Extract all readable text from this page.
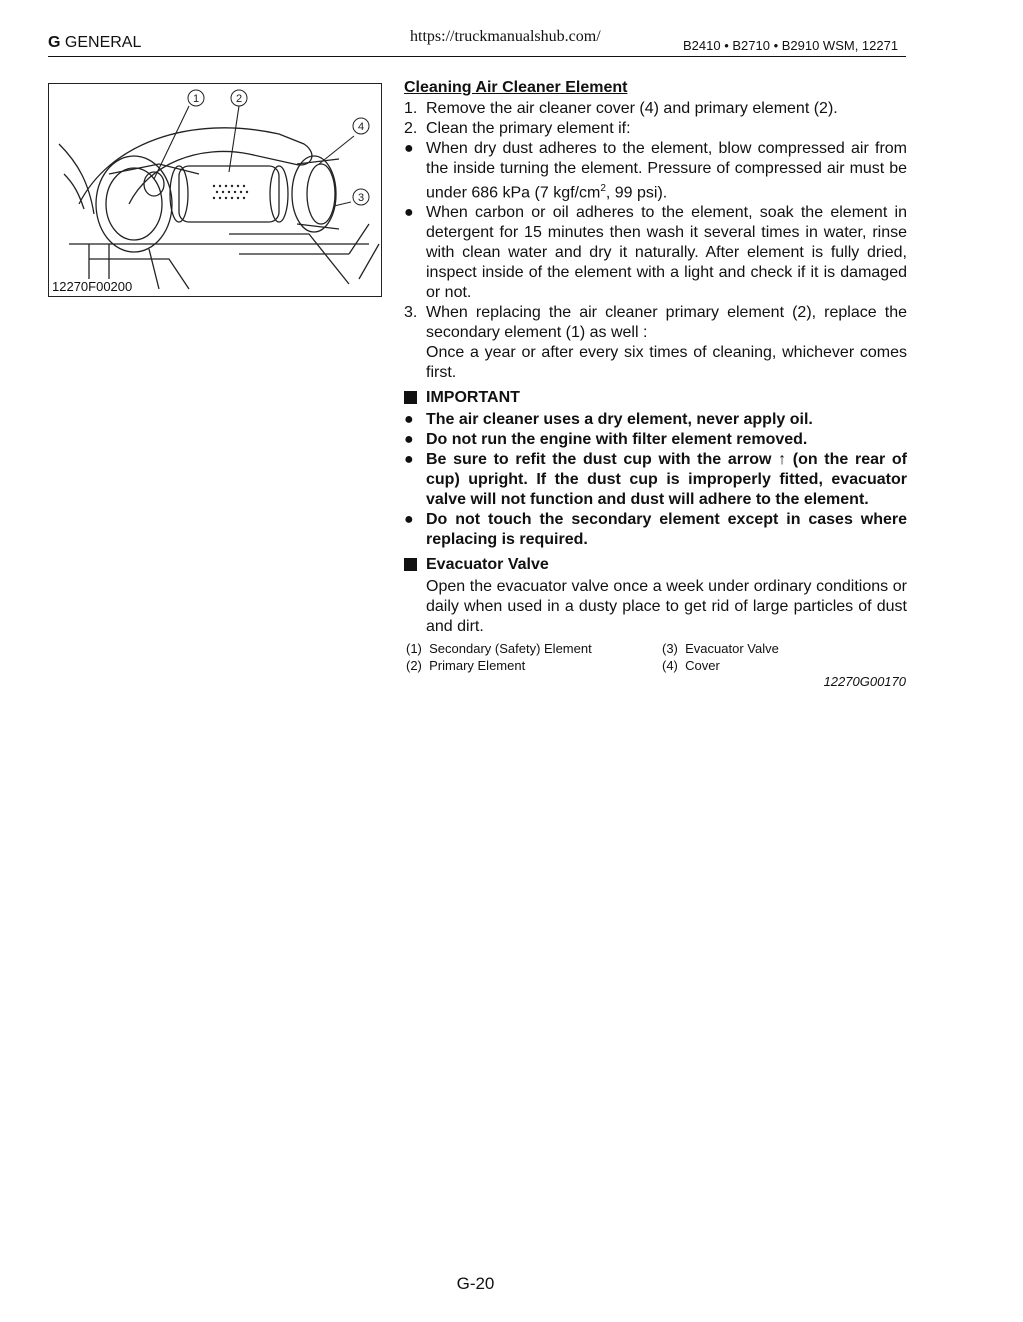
G GENERAL	https://truckmanualshub.com/
B2410 • B2710 • B2910 WSM, 12271
1	2
3
4
12270F00200
Cleaning Air Cleaner Element
1. Remove the air cleaner cover (4) and primary element (2).
2. Clean the primary element if:
● When dry dust adheres to the element, blow compressed air from the inside turning the element. Pressure of compressed air must be under 686 kPa (7 kgf/$cm^2$, 99 psi).
● When carbon or oil adheres to the element, soak the element in detergent for 15 minutes then wash it several times in water, rinse with clean water and dry it naturally. After element is fully dried, inspect inside of the element with a light and check if it is damaged or not.
3. When replacing the air cleaner primary element (2), replace the secondary element (1) as well :
Once a year or after every six times of cleaning, whichever comes first.
IMPORTANT
● The air cleaner uses a dry element, never apply oil.
● Do not run the engine with filter element removed.
● Be sure to refit the dust cup with the arrow ↑ (on the rear of cup) upright. If the dust cup is improperly fitted, evacuator valve will not function and dust will adhere to the element.
● Do not touch the secondary element except in cases where replacing is required.
Evacuator Valve
Open the evacuator valve once a week under ordinary conditions or daily when used in a dusty place to get rid of large particles of dust and dirt.
(1) Secondary (Safety) Element
(2) Primary Element
(3) Evacuator Valve
(4) Cover
12270G00170
G-20
